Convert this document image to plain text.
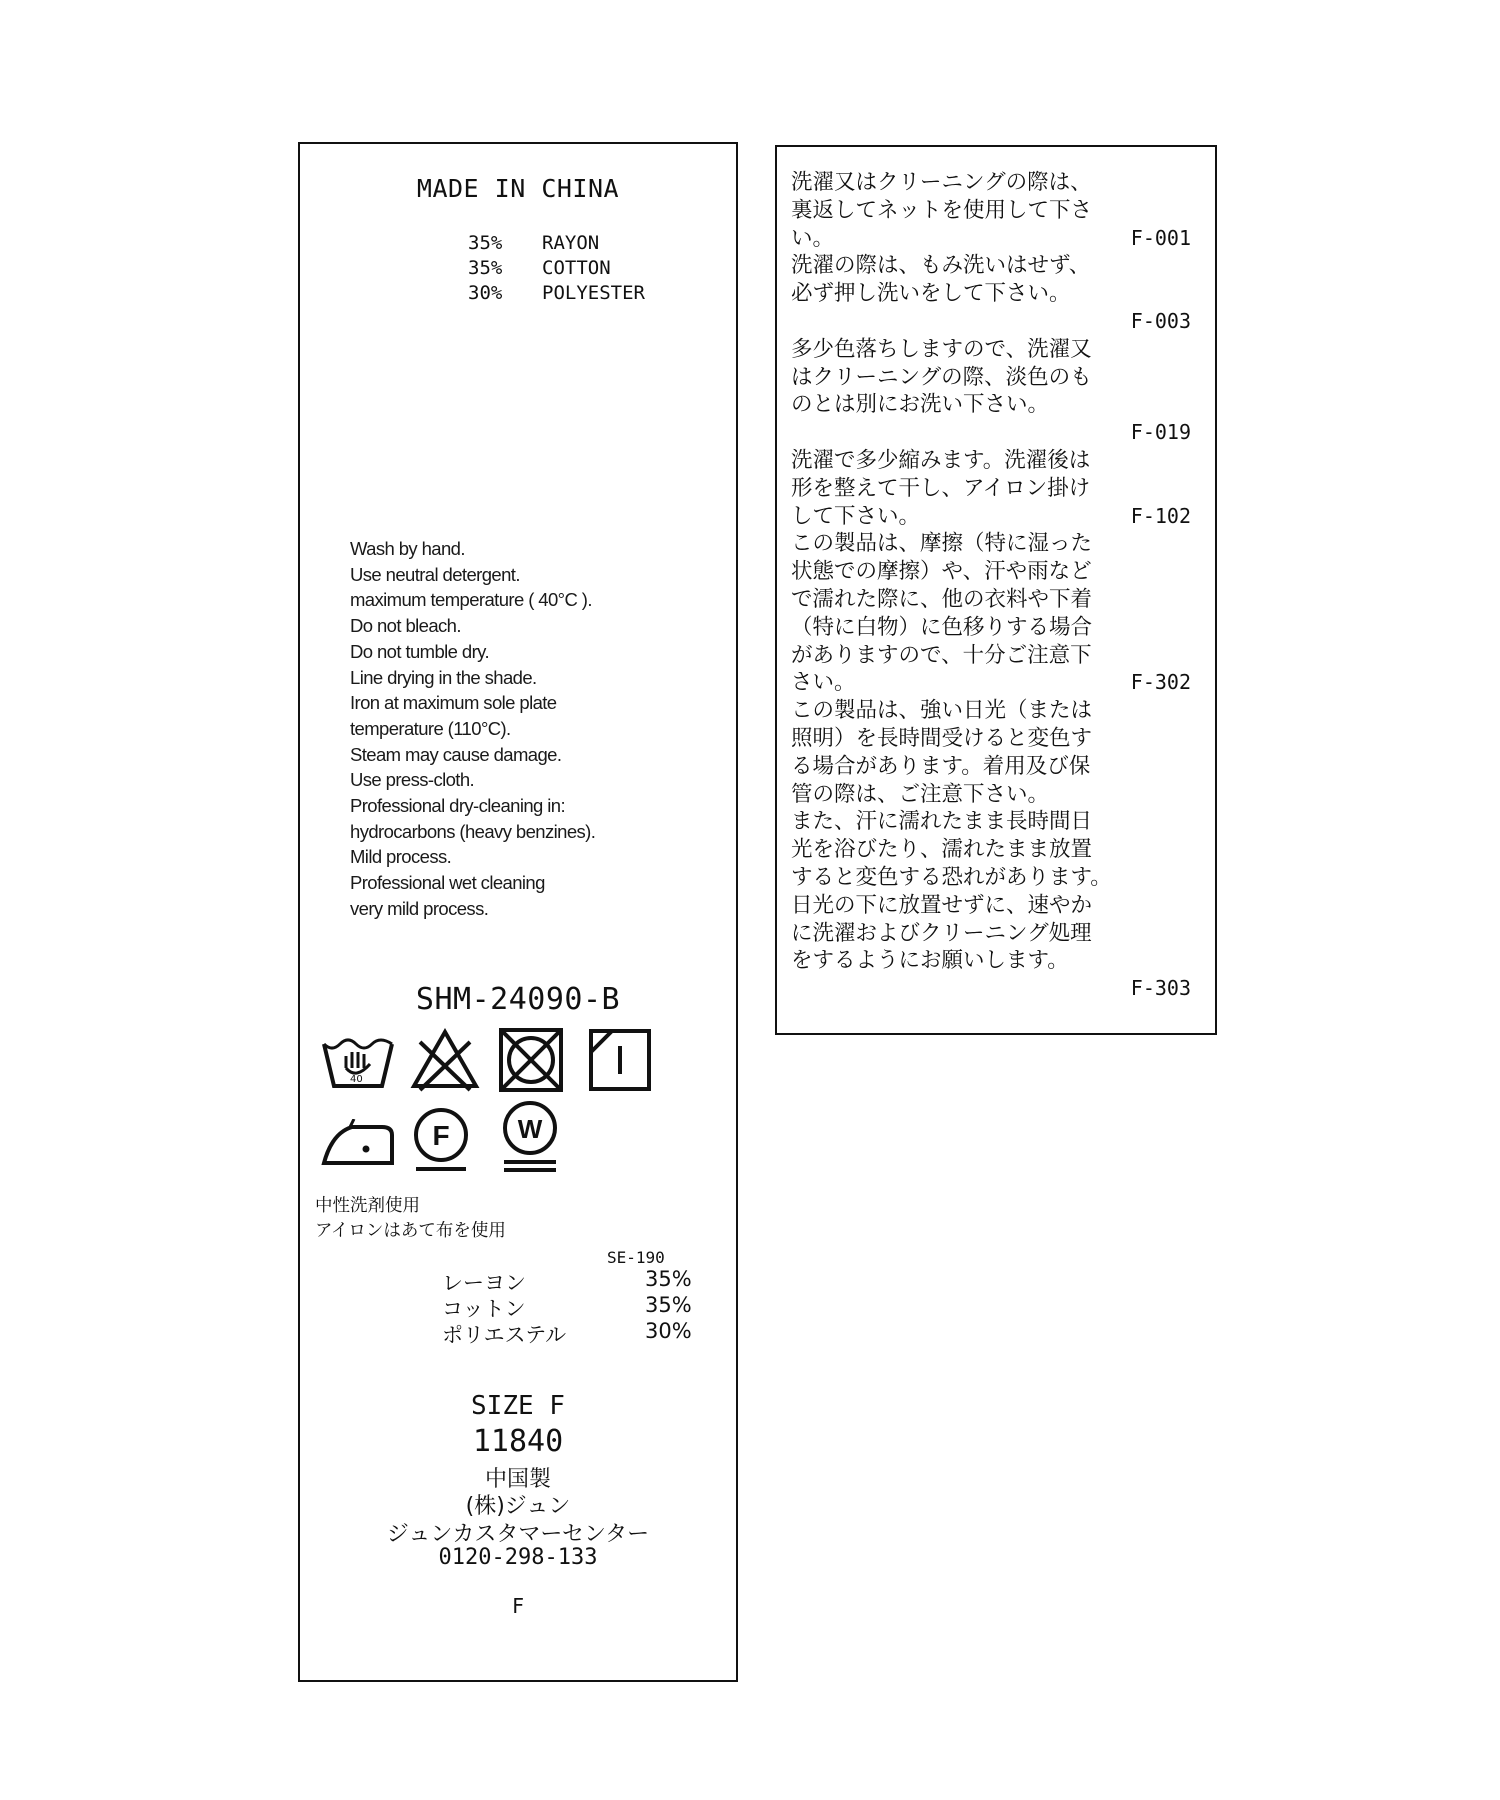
MADE IN CHINA
35% RAYON
35% COTTON
30% POLYESTER
Wash by hand.
Use neutral detergent.
maximum temperature ( 40°C ).
Do not bleach.
Do not tumble dry.
Line drying in the shade.
Iron at maximum sole plate
temperature (110°C).
Steam may cause damage.
Use press-cloth.
Professional dry-cleaning in:
hydrocarbons (heavy benzines).
Mild process.
Professional wet cleaning
very mild process.
SHM-24090-B
40
F	W
中性洗剤使用
アイロンはあて布を使用
SE-190
レーヨン	35%
コットン	35%
ポリエステル	30%
SIZE F
11840
中国製
(株)ジュン
ジュンカスタマーセンター
0120-298-133
F
洗濯又はクリーニングの際は、
裏返してネットを使用して下さ
い。	F-001
洗濯の際は、もみ洗いはせず、
必ず押し洗いをして下さい。
F-003
多少色落ちしますので、洗濯又
はクリーニングの際、淡色のも
のとは別にお洗い下さい。
F-019
洗濯で多少縮みます。洗濯後は
形を整えて干し、アイロン掛け
して下さい。	F-102
この製品は、摩擦（特に湿った
状態での摩擦）や、汗や雨など
で濡れた際に、他の衣料や下着
（特に白物）に色移りする場合
がありますので、十分ご注意下
さい。	F-302
この製品は、強い日光（または
照明）を長時間受けると変色す
る場合があります。着用及び保
管の際は、ご注意下さい。
また、汗に濡れたまま長時間日
光を浴びたり、濡れたまま放置
すると変色する恐れがあります。
日光の下に放置せずに、速やか
に洗濯およびクリーニング処理
をするようにお願いします。
F-303
